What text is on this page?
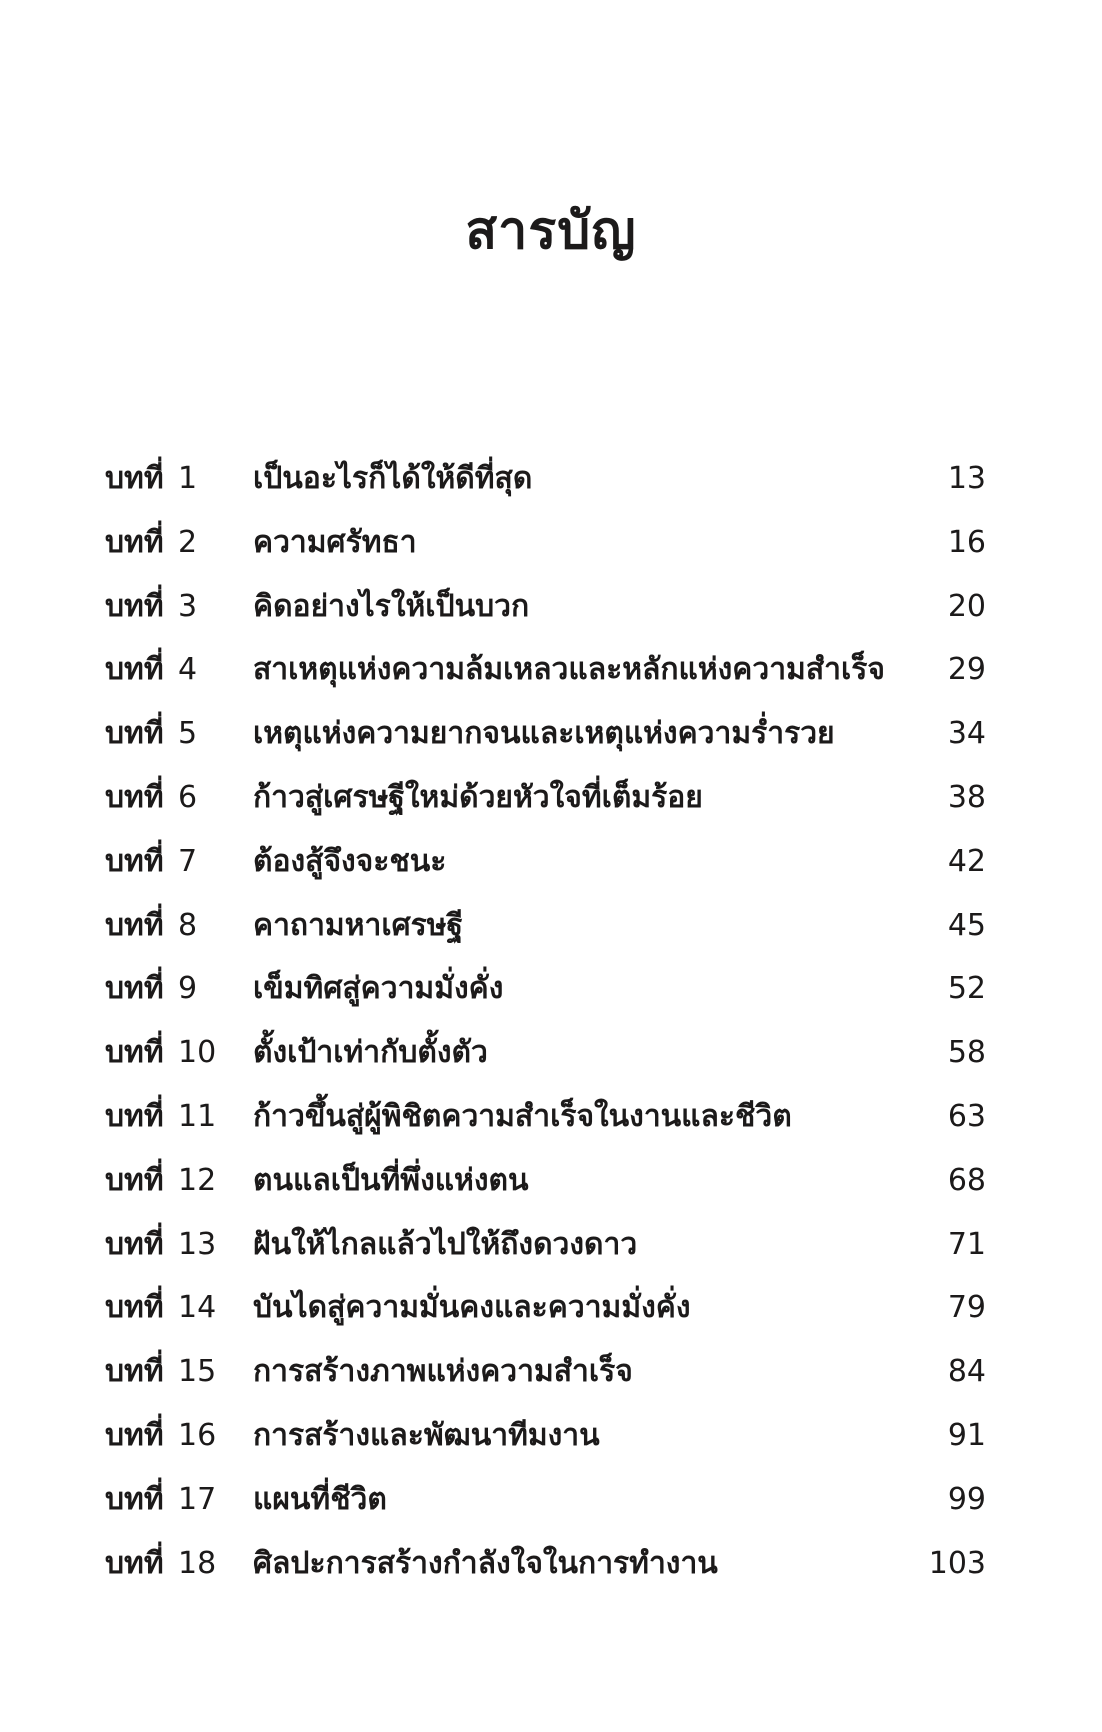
สารบัญ
บทที่ 1 เป็นอะไรก็ได้ให้ดีที่สุด	13
บทที่ 2 ความศรัทธา	16
บทที่ 3 คิดอย่างไรให้เป็นบวก	20
บทที่ 4 สาเหตุแห่งความล้มเหลวและหลักแห่งความสำเร็จ	29
บทที่ 5 เหตุแห่งความยากจนและเหตุแห่งความร่ำรวย	34
บทที่ 6 ก้าวสู่เศรษฐีใหม่ด้วยหัวใจที่เต็มร้อย	38
บทที่ 7 ต้องสู้จึงจะชนะ	42
บทที่ 8 คาถามหาเศรษฐี	45
บทที่ 9 เข็มทิศสู่ความมั่งคั่ง	52
บทที่ 10 ตั้งเป้าเท่ากับตั้งตัว	58
บทที่ 11 ก้าวขึ้นสู่ผู้พิชิตความสำเร็จในงานและชีวิต	63
บทที่ 12 ตนแลเป็นที่พึ่งแห่งตน	68
บทที่ 13 ฝันให้ไกลแล้วไปให้ถึงดวงดาว	71
บทที่ 14 บันไดสู่ความมั่นคงและความมั่งคั่ง	79
บทที่ 15 การสร้างภาพแห่งความสำเร็จ	84
บทที่ 16 การสร้างและพัฒนาทีมงาน	91
บทที่ 17 แผนที่ชีวิต	99
บทที่ 18 ศิลปะการสร้างกำลังใจในการทำงาน	103
